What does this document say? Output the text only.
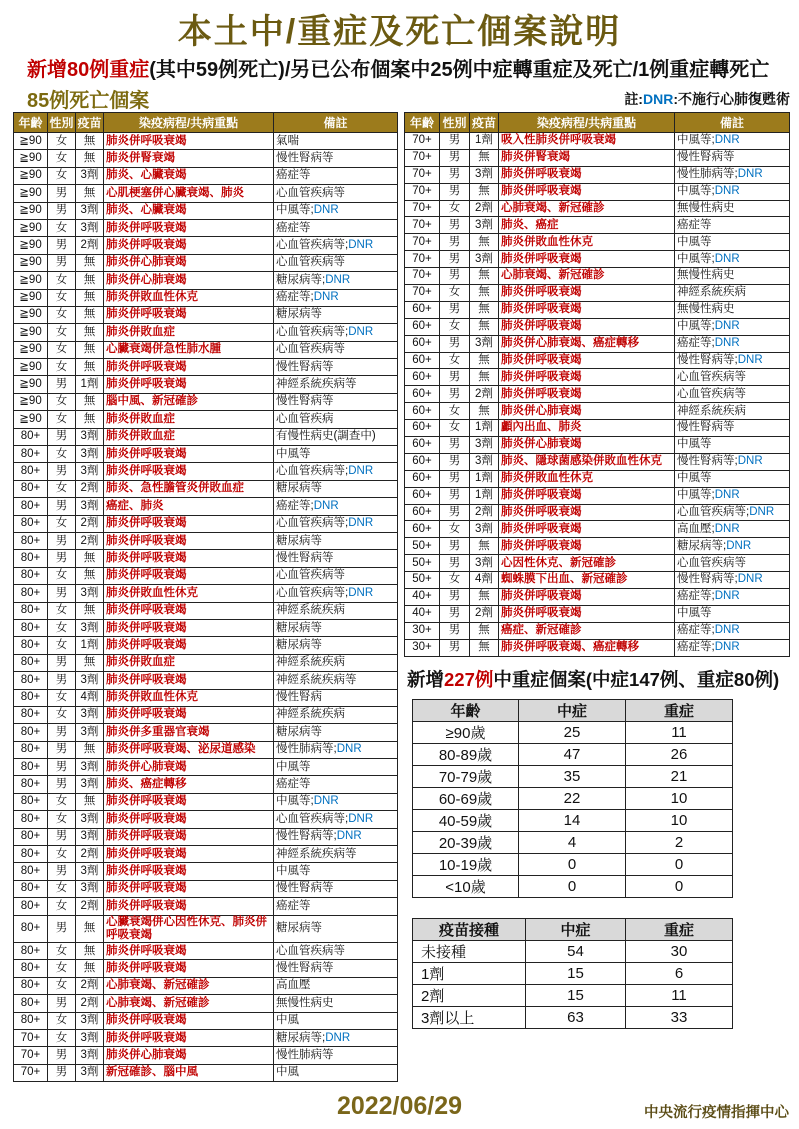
本土中/重症及死亡個案說明
新增80例重症(其中59例死亡)/另已公布個案中25例中症轉重症及死亡/1例重症轉死亡
85例死亡個案	註:DNR:不施行心肺復甦術
年齡	性別	疫苗	染疫病程/共病重點	備註
≧90	女	無	肺炎併呼吸衰竭	氣喘
≧90	女	無	肺炎併腎衰竭	慢性腎病等
≧90	女	3劑	肺炎、心臟衰竭	癌症等
≧90	男	無	心肌梗塞併心臟衰竭、肺炎	心血管疾病等
≧90	男	3劑	肺炎、心臟衰竭	中風等;DNR
≧90	女	3劑	肺炎併呼吸衰竭	癌症等
≧90	男	2劑	肺炎併呼吸衰竭	心血管疾病等;DNR
≧90	男	無	肺炎併心肺衰竭	心血管疾病等
≧90	女	無	肺炎併心肺衰竭	糖尿病等;DNR
≧90	女	無	肺炎併敗血性休克	癌症等;DNR
≧90	女	無	肺炎併呼吸衰竭	糖尿病等
≧90	女	無	肺炎併敗血症	心血管疾病等;DNR
≧90	女	無	心臟衰竭併急性肺水腫	心血管疾病等
≧90	女	無	肺炎併呼吸衰竭	慢性腎病等
≧90	男	1劑	肺炎併呼吸衰竭	神經系統疾病等
≧90	女	無	腦中風、新冠確診	慢性腎病等
≧90	女	無	肺炎併敗血症	心血管疾病
80+	男	3劑	肺炎併敗血症	有慢性病史(調查中)
80+	女	3劑	肺炎併呼吸衰竭	中風等
80+	男	3劑	肺炎併呼吸衰竭	心血管疾病等;DNR
80+	女	2劑	肺炎、急性膽管炎併敗血症	糖尿病等
80+	男	3劑	癌症、肺炎	癌症等;DNR
80+	女	2劑	肺炎併呼吸衰竭	心血管疾病等;DNR
80+	男	2劑	肺炎併呼吸衰竭	糖尿病等
80+	男	無	肺炎併呼吸衰竭	慢性腎病等
80+	女	無	肺炎併呼吸衰竭	心血管疾病等
80+	男	3劑	肺炎併敗血性休克	心血管疾病等;DNR
80+	女	無	肺炎併呼吸衰竭	神經系統疾病
80+	女	3劑	肺炎併呼吸衰竭	糖尿病等
80+	女	1劑	肺炎併呼吸衰竭	糖尿病等
80+	男	無	肺炎併敗血症	神經系統疾病
80+	男	3劑	肺炎併呼吸衰竭	神經系統疾病等
80+	女	4劑	肺炎併敗血性休克	慢性腎病
80+	女	3劑	肺炎併呼吸衰竭	神經系統疾病
80+	男	3劑	肺炎併多重器官衰竭	糖尿病等
80+	男	無	肺炎併呼吸衰竭、泌尿道感染	慢性肺病等;DNR
80+	男	3劑	肺炎併心肺衰竭	中風等
80+	男	3劑	肺炎、癌症轉移	癌症等
80+	女	無	肺炎併呼吸衰竭	中風等;DNR
80+	女	3劑	肺炎併呼吸衰竭	心血管疾病等;DNR
80+	男	3劑	肺炎併呼吸衰竭	慢性腎病等;DNR
80+	女	2劑	肺炎併呼吸衰竭	神經系統疾病等
80+	男	3劑	肺炎併呼吸衰竭	中風等
80+	女	3劑	肺炎併呼吸衰竭	慢性腎病等
80+	女	2劑	肺炎併呼吸衰竭	癌症等
80+	男	無	心臟衰竭併心因性休克、肺炎併呼吸衰竭	糖尿病等
80+	女	無	肺炎併呼吸衰竭	心血管疾病等
80+	女	無	肺炎併呼吸衰竭	慢性腎病等
80+	女	2劑	心肺衰竭、新冠確診	高血壓
80+	男	2劑	心肺衰竭、新冠確診	無慢性病史
80+	女	3劑	肺炎併呼吸衰竭	中風
70+	女	3劑	肺炎併呼吸衰竭	糖尿病等;DNR
70+	男	3劑	肺炎併心肺衰竭	慢性肺病等
70+	男	3劑	新冠確診、腦中風	中風
年齡	性別	疫苗	染疫病程/共病重點	備註
70+	男	1劑	吸入性肺炎併呼吸衰竭	中風等;DNR
70+	男	無	肺炎併腎衰竭	慢性腎病等
70+	男	3劑	肺炎併呼吸衰竭	慢性肺病等;DNR
70+	男	無	肺炎併呼吸衰竭	中風等;DNR
70+	女	2劑	心肺衰竭、新冠確診	無慢性病史
70+	男	3劑	肺炎、癌症	癌症等
70+	男	無	肺炎併敗血性休克	中風等
70+	男	3劑	肺炎併呼吸衰竭	中風等;DNR
70+	男	無	心肺衰竭、新冠確診	無慢性病史
70+	女	無	肺炎併呼吸衰竭	神經系統疾病
60+	男	無	肺炎併呼吸衰竭	無慢性病史
60+	女	無	肺炎併呼吸衰竭	中風等;DNR
60+	男	3劑	肺炎併心肺衰竭、癌症轉移	癌症等;DNR
60+	女	無	肺炎併呼吸衰竭	慢性腎病等;DNR
60+	男	無	肺炎併呼吸衰竭	心血管疾病等
60+	男	2劑	肺炎併呼吸衰竭	心血管疾病等
60+	女	無	肺炎併心肺衰竭	神經系統疾病
60+	女	1劑	顱內出血、肺炎	慢性腎病等
60+	男	3劑	肺炎併心肺衰竭	中風等
60+	男	3劑	肺炎、隱球菌感染併敗血性休克	慢性腎病等;DNR
60+	男	1劑	肺炎併敗血性休克	中風等
60+	男	1劑	肺炎併呼吸衰竭	中風等;DNR
60+	男	2劑	肺炎併呼吸衰竭	心血管疾病等;DNR
60+	女	3劑	肺炎併呼吸衰竭	高血壓;DNR
50+	男	無	肺炎併呼吸衰竭	糖尿病等;DNR
50+	男	3劑	心因性休克、新冠確診	心血管疾病等
50+	女	4劑	蜘蛛膜下出血、新冠確診	慢性腎病等;DNR
40+	男	無	肺炎併呼吸衰竭	癌症等;DNR
40+	男	2劑	肺炎併呼吸衰竭	中風等
30+	男	無	癌症、新冠確診	癌症等;DNR
30+	男	無	肺炎併呼吸衰竭、癌症轉移	癌症等;DNR
新增227例中重症個案(中症147例、重症80例)
年齡	中症	重症
≥90歲	25	11
80-89歲	47	26
70-79歲	35	21
60-69歲	22	10
40-59歲	14	10
20-39歲	4	2
10-19歲	0	0
<10歲	0	0
疫苗接種	中症	重症
未接種	54	30
1劑	15	6
2劑	15	11
3劑以上	63	33
2022/06/29	中央流行疫情指揮中心
